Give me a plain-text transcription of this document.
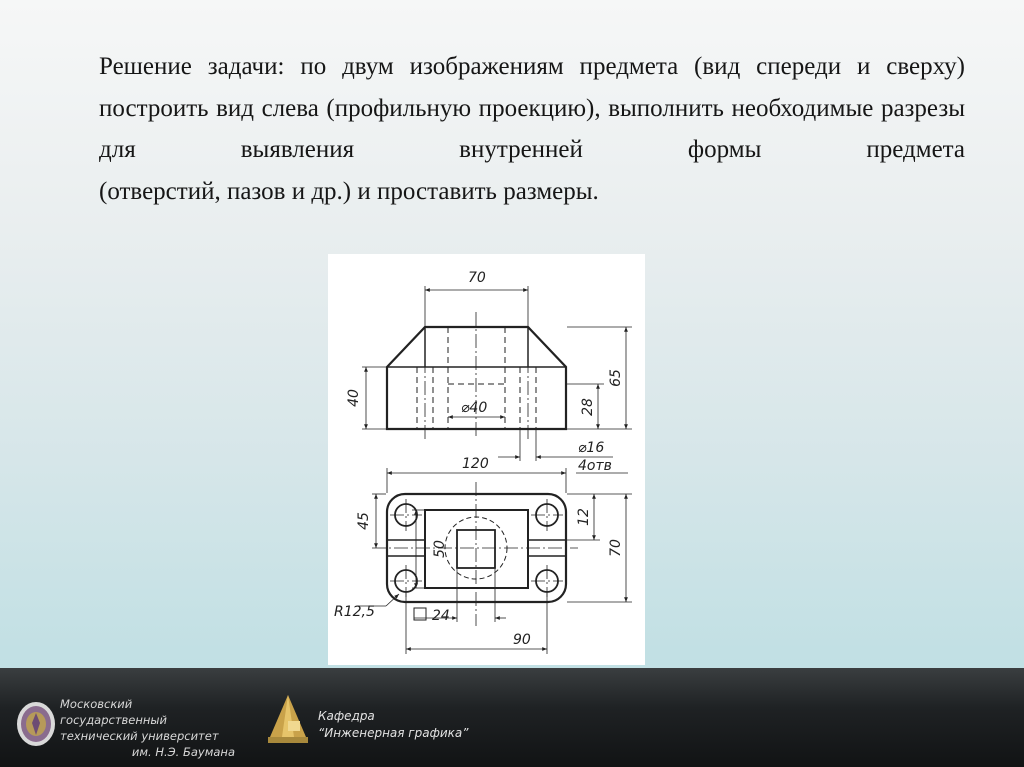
Решение задачи: по двум изображениям предмета (вид спереди и сверху) построить вид слева (профильную проекцию), выполнить необходимые разрезы для выявления внутренней формы предмета
(отверстий, пазов и др.) и проставить размеры.

70
40
65
⌀40	28
⌀16
4отв
120
45	12
70
50
R12,5	24
90
Московский государственный
технический университет
им. Н.Э. Баумана
Кафедра
“Инженерная графика”
